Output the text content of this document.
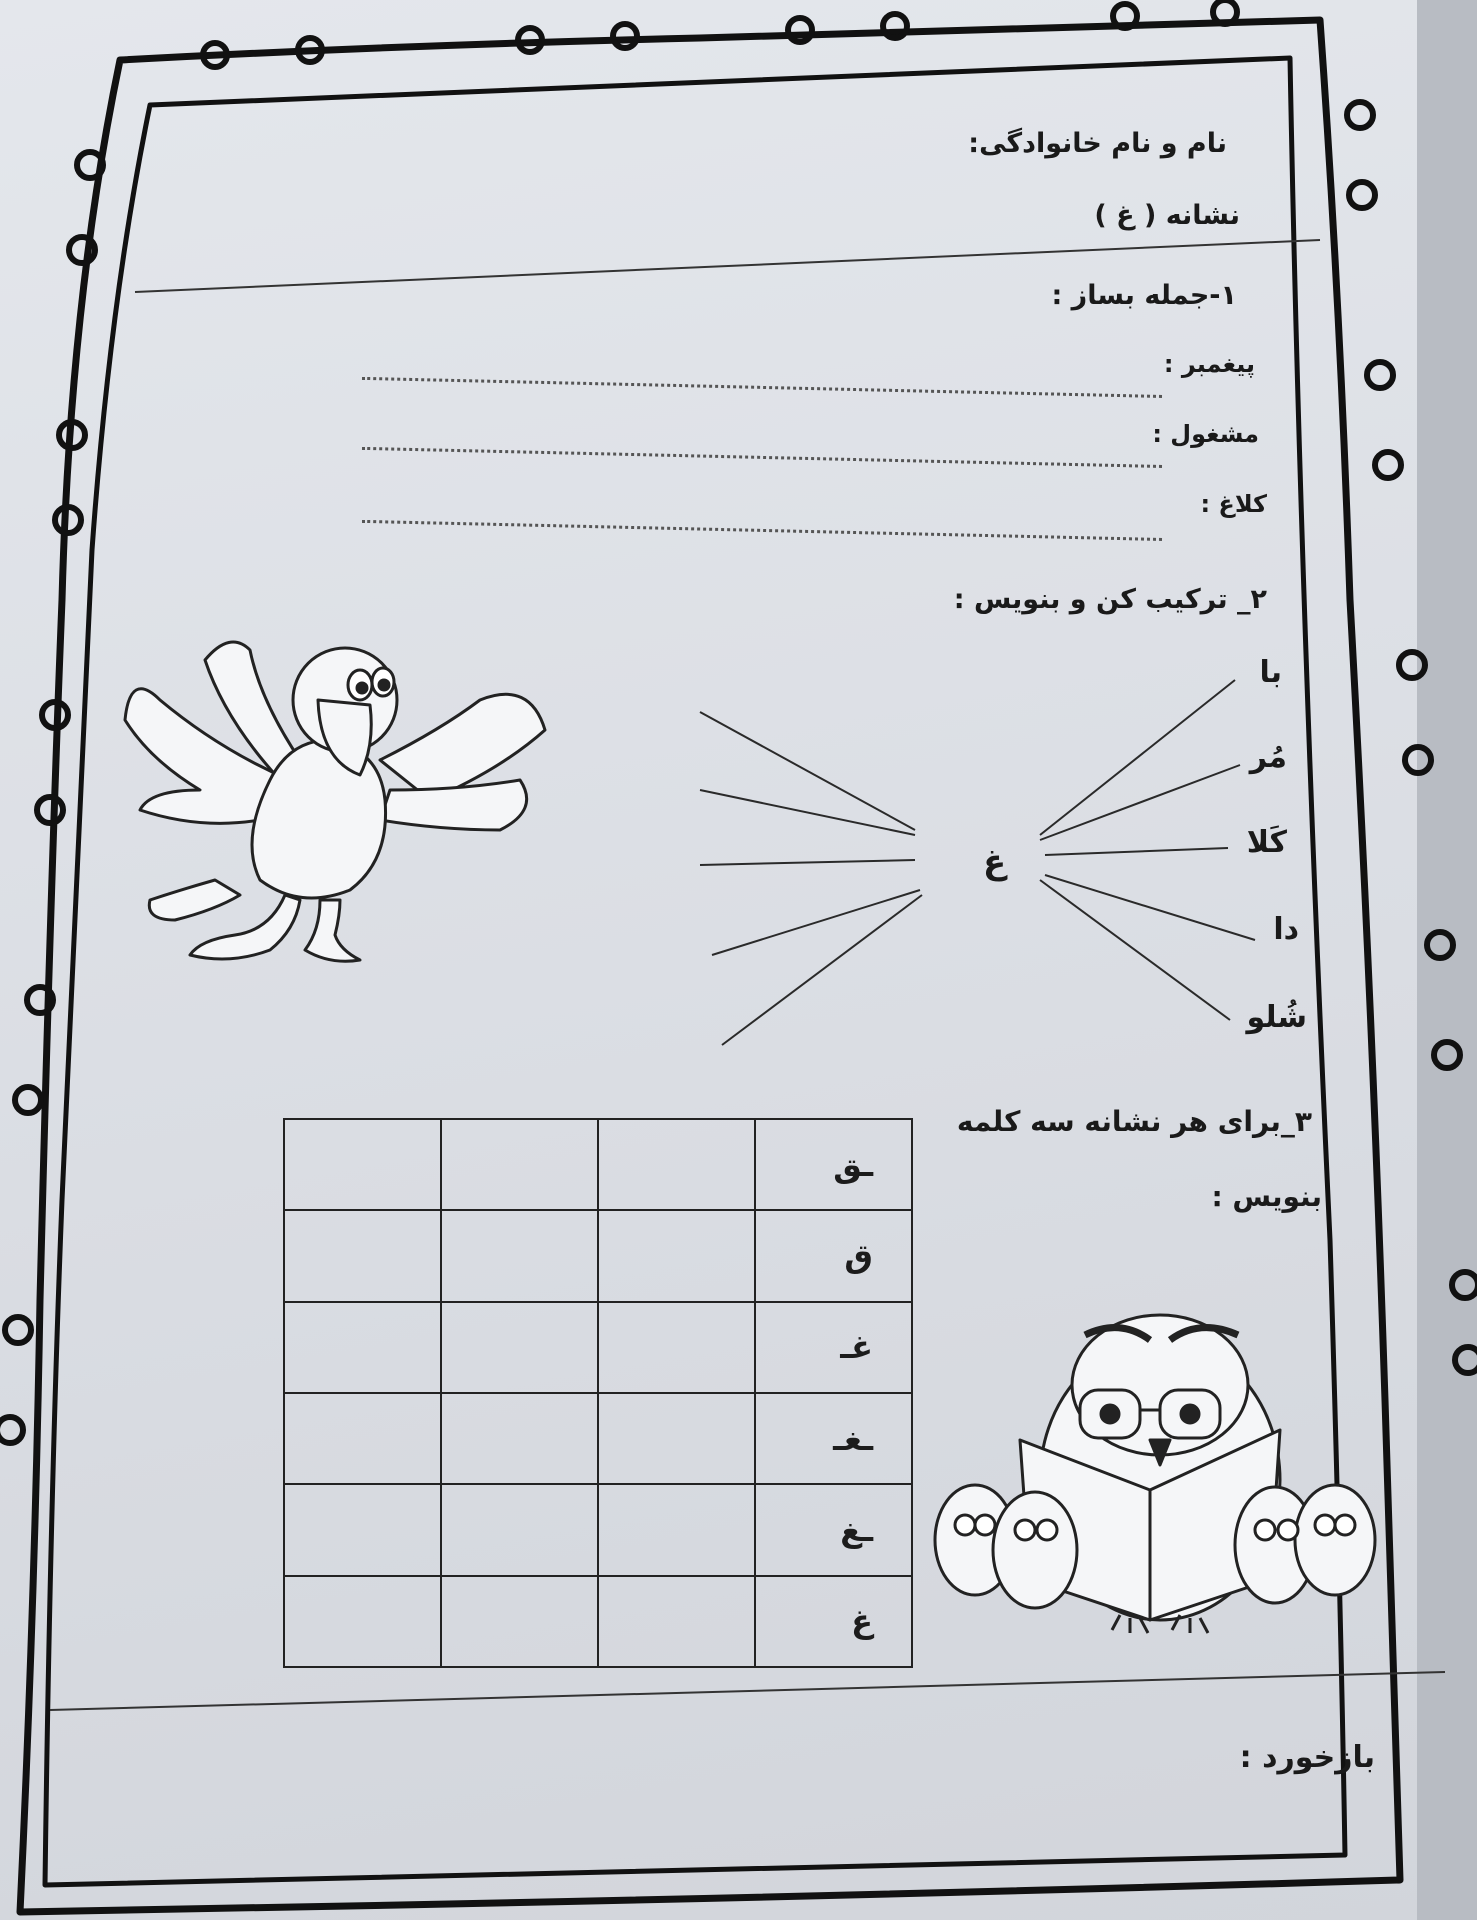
نام و نام خانوادگی:
نشانه ( غ )
۱-جمله بساز :
پیغمبر :
مشغول :
کلاغ :
۲_ ترکیب کن و بنویس :
غ
با
مُر
کَلا
دا
شُلو
۳_برای هر نشانه سه کلمه
بنویس :
ـق			
ق			
غـ			
ـغـ			
ـغ			
غ			
بازخورد :
